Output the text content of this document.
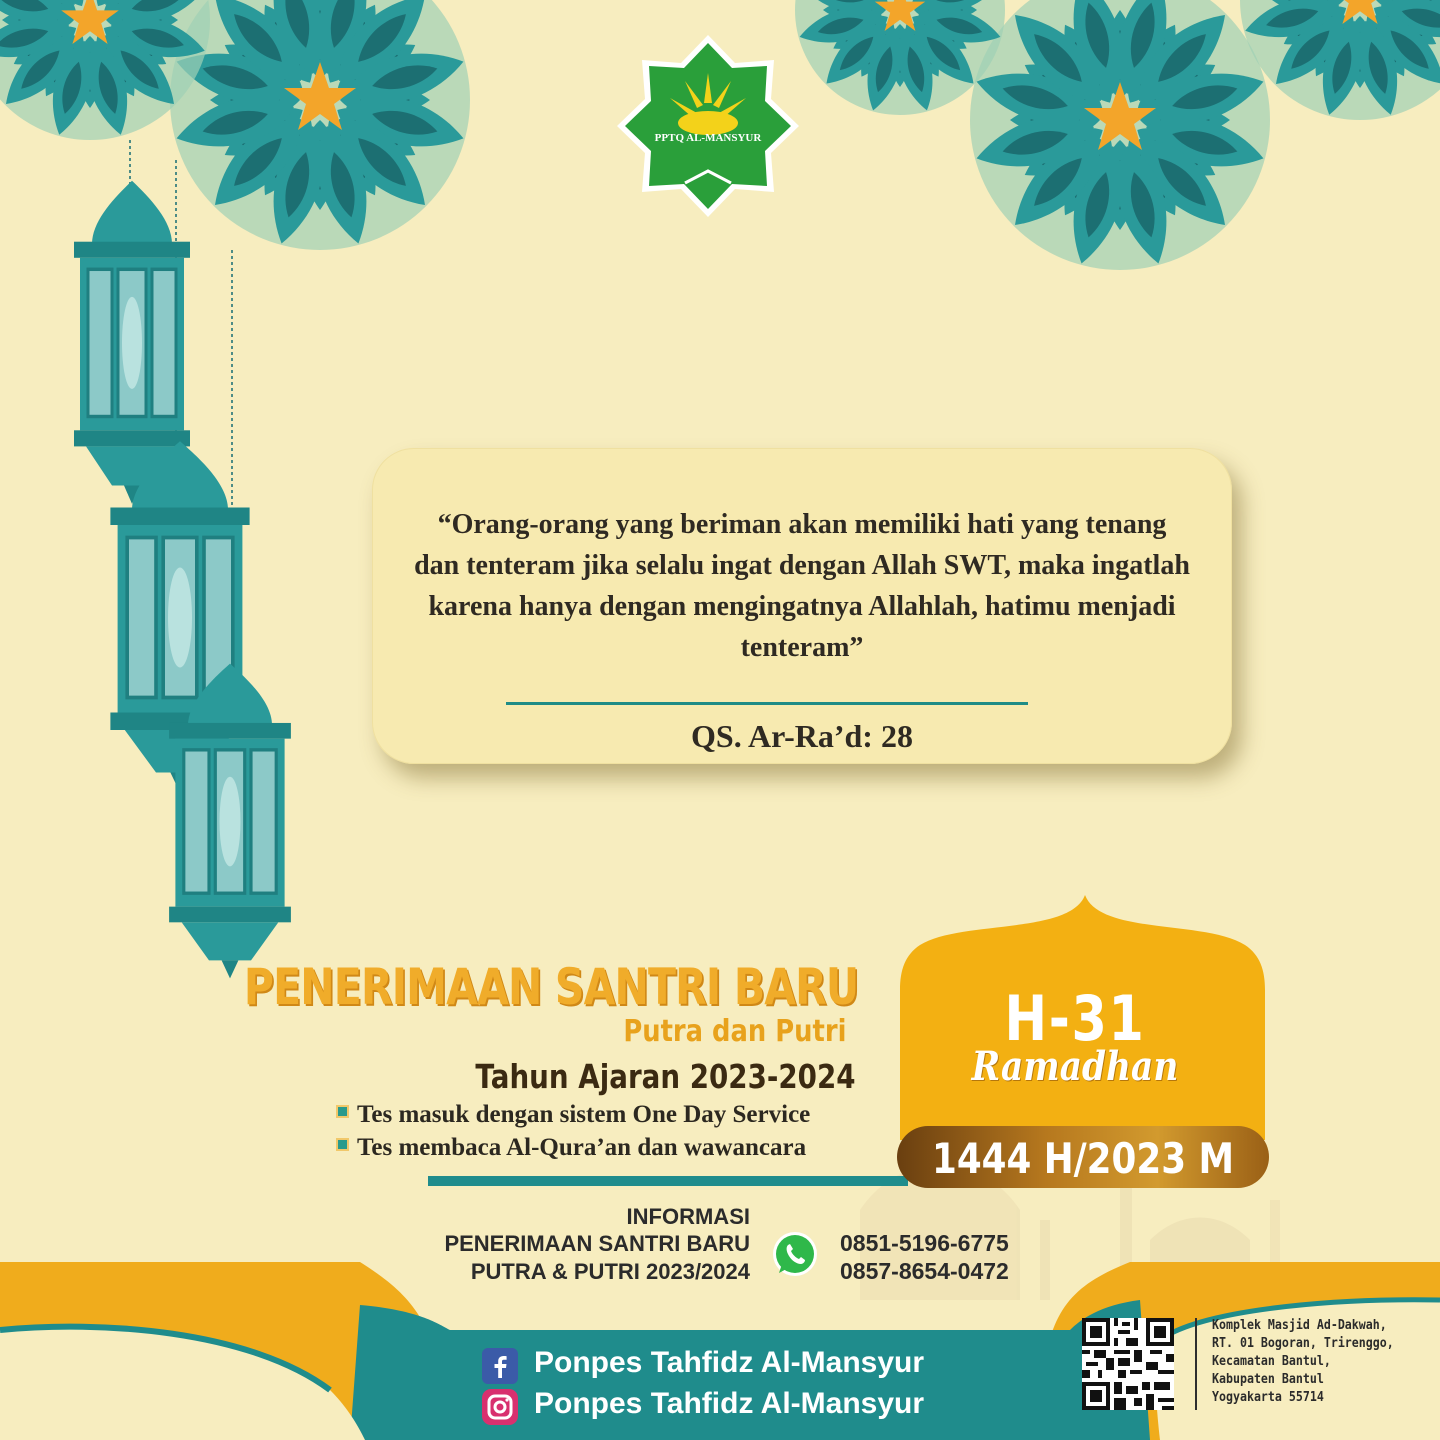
PPTQ AL-MANSYUR

“Orang-orang yang beriman akan memiliki hati yang tenang dan tenteram jika selalu ingat dengan Allah SWT, maka ingatlah karena hanya dengan mengingatnya Allahlah, hatimu menjadi tenteram”

QS. Ar-Ra’d: 28
PENERIMAAN SANTRI BARU
Putra dan Putri
Tahun Ajaran 2023-2024
Tes masuk dengan sistem One Day Service
Tes membaca Al-Qura’an dan wawancara
H-31
Ramadhan
1444 H/2023 M
INFORMASI
PENERIMAAN SANTRI BARU
PUTRA & PUTRI 2023/2024
0851-5196-6775
0857-8654-0472
Ponpes Tahfidz Al-Mansyur
Ponpes Tahfidz Al-Mansyur
Komplek Masjid Ad-Dakwah,
RT. 01 Bogoran, Trirenggo,
Kecamatan Bantul,
Kabupaten Bantul
Yogyakarta 55714
